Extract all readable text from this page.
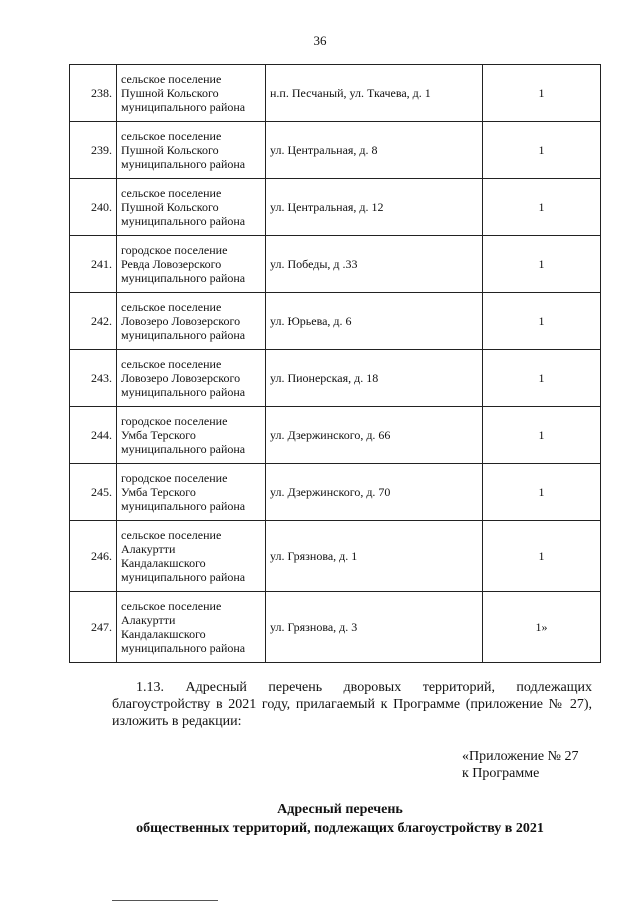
36
238.	сельское поселение
Пушной Кольского
муниципального района	н.п. Песчаный, ул. Ткачева, д. 1	1
239.	сельское поселение
Пушной Кольского
муниципального района	ул. Центральная, д. 8	1
240.	сельское поселение
Пушной Кольского
муниципального района	ул. Центральная, д. 12	1
241.	городское поселение
Ревда Ловозерского
муниципального района	ул. Победы, д .33	1
242.	сельское поселение
Ловозеро Ловозерского
муниципального района	ул. Юрьева, д. 6	1
243.	сельское поселение
Ловозеро Ловозерского
муниципального района	ул. Пионерская, д. 18	1
244.	городское поселение
Умба Терского
муниципального района	ул. Дзержинского, д. 66	1
245.	городское поселение
Умба Терского
муниципального района	ул. Дзержинского, д. 70	1
246.	сельское поселение
Алакуртти
Кандалакшского
муниципального района	ул. Грязнова, д. 1	1
247.	сельское поселение
Алакуртти
Кандалакшского
муниципального района	ул. Грязнова, д. 3	1»
1.13. Адресный перечень дворовых территорий, подлежащих благоустройству в 2021 году, прилагаемый к Программе (приложение № 27), изложить в редакции:
«Приложение № 27
к Программе
Адресный перечень
общественных территорий, подлежащих благоустройству в 2021
